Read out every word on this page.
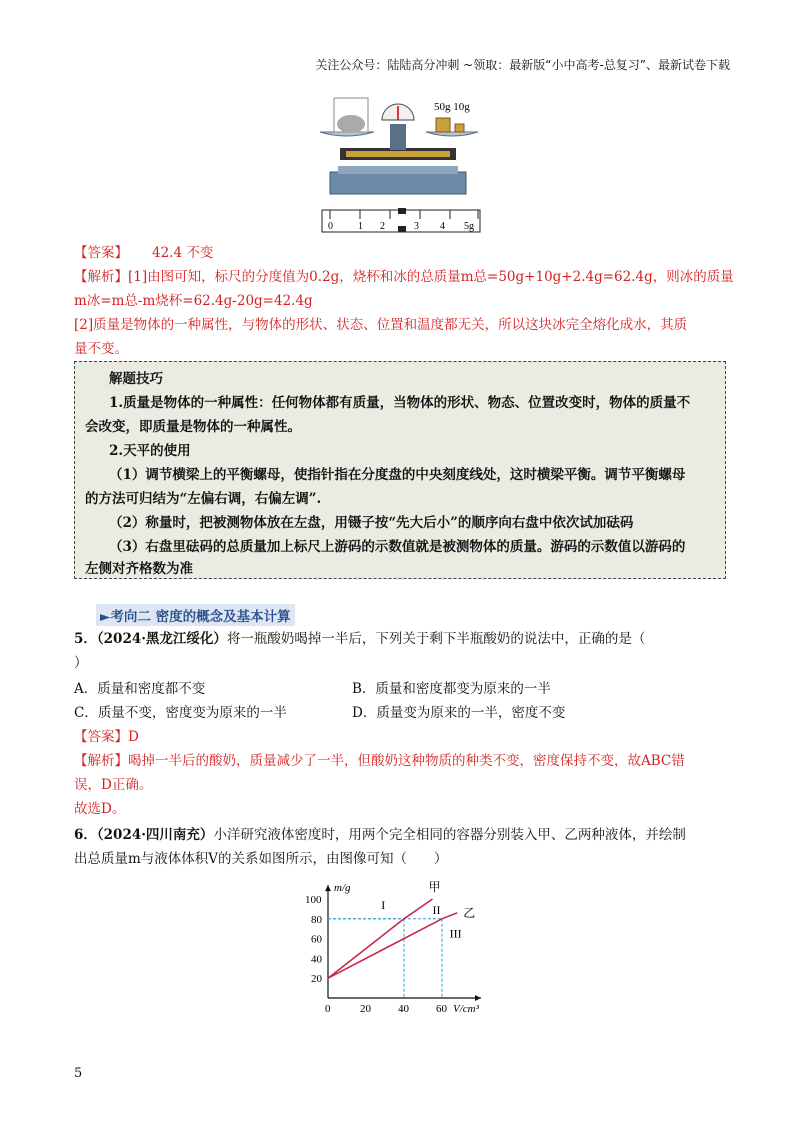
关注公众号：陆陆高分冲刺 ~领取：最新版“小中高考-总复习”、最新试卷下载
50g 10g
0	1 2	3 4 5g
【答案】 42.4 不变
【解析】[1]由图可知，标尺的分度值为0.2g，烧杯和冰的总质量m总=50g+10g+2.4g=62.4g，则冰的质量
m冰=m总-m烧杯=62.4g-20g=42.4g
[2]质量是物体的一种属性，与物体的形状、状态、位置和温度都无关，所以这块冰完全熔化成水，其质
量不变。
解题技巧
1.质量是物体的一种属性：任何物体都有质量，当物体的形状、物态、位置改变时，物体的质量不
会改变，即质量是物体的一种属性。
2.天平的使用
（1）调节横梁上的平衡螺母，使指针指在分度盘的中央刻度线处，这时横梁平衡。调节平衡螺母
的方法可归结为“左偏右调，右偏左调”.
（2）称量时，把被测物体放在左盘，用镊子按“先大后小”的顺序向右盘中依次试加砝码
（3）右盘里砝码的总质量加上标尺上游码的示数值就是被测物体的质量。游码的示数值以游码的
左侧对齐格数为准
►考向二 密度的概念及基本计算
5．（2024·黑龙江绥化）将一瓶酸奶喝掉一半后，下列关于剩下半瓶酸奶的说法中，正确的是（
）
A．质量和密度都不变	B．质量和密度都变为原来的一半
C．质量不变，密度变为原来的一半	D．质量变为原来的一半，密度不变
【答案】D
【解析】喝掉一半后的酸奶，质量减少了一半，但酸奶这种物质的种类不变，密度保持不变，故ABC错
误，D正确。
故选D。
6．（2024·四川南充）小洋研究液体密度时，用两个完全相同的容器分别装入甲、乙两种液体，并绘制
出总质量m与液体体积V的关系如图所示，由图像可知（　　）
V/cm³
m/g
I	II
III
甲
乙
0	20 40 60
20
40
60
80
100
5
